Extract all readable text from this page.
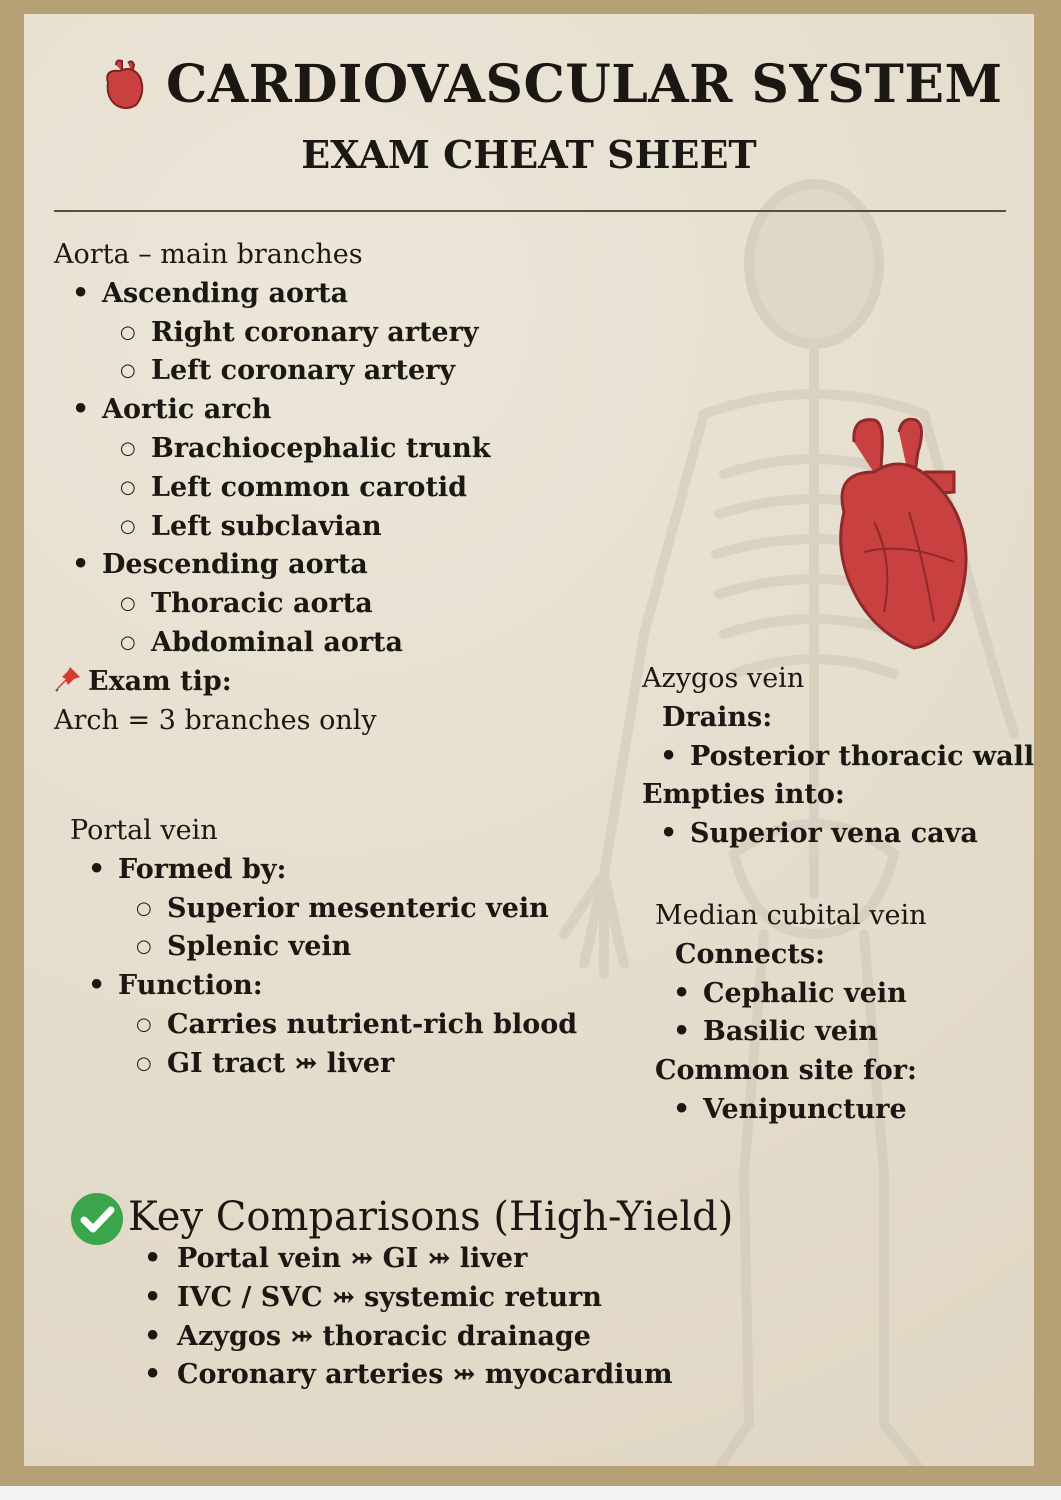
CARDIOVASCULAR SYSTEM
EXAM CHEAT SHEET
Aorta – main branches
• Ascending aorta
○ Right coronary artery
○ Left coronary artery
• Aortic arch
○ Brachiocephalic trunk
○ Left common carotid
○ Left subclavian
• Descending aorta
○ Thoracic aorta
○ Abdominal aorta
Exam tip:
Arch = 3 branches only
Portal vein
• Formed by:
○ Superior mesenteric vein
○ Splenic vein
• Function:
○ Carries nutrient-rich blood
○ GI tract ⤔ liver
Azygos vein
Drains:
• Posterior thoracic wall
Empties into:
• Superior vena cava
Median cubital vein
Connects:
• Cephalic vein
• Basilic vein
Common site for:
• Venipuncture
Key Comparisons (High-Yield)
• Portal vein ⤔ GI ⤔ liver
• IVC / SVC ⤔ systemic return
• Azygos ⤔ thoracic drainage
• Coronary arteries ⤔ myocardium
